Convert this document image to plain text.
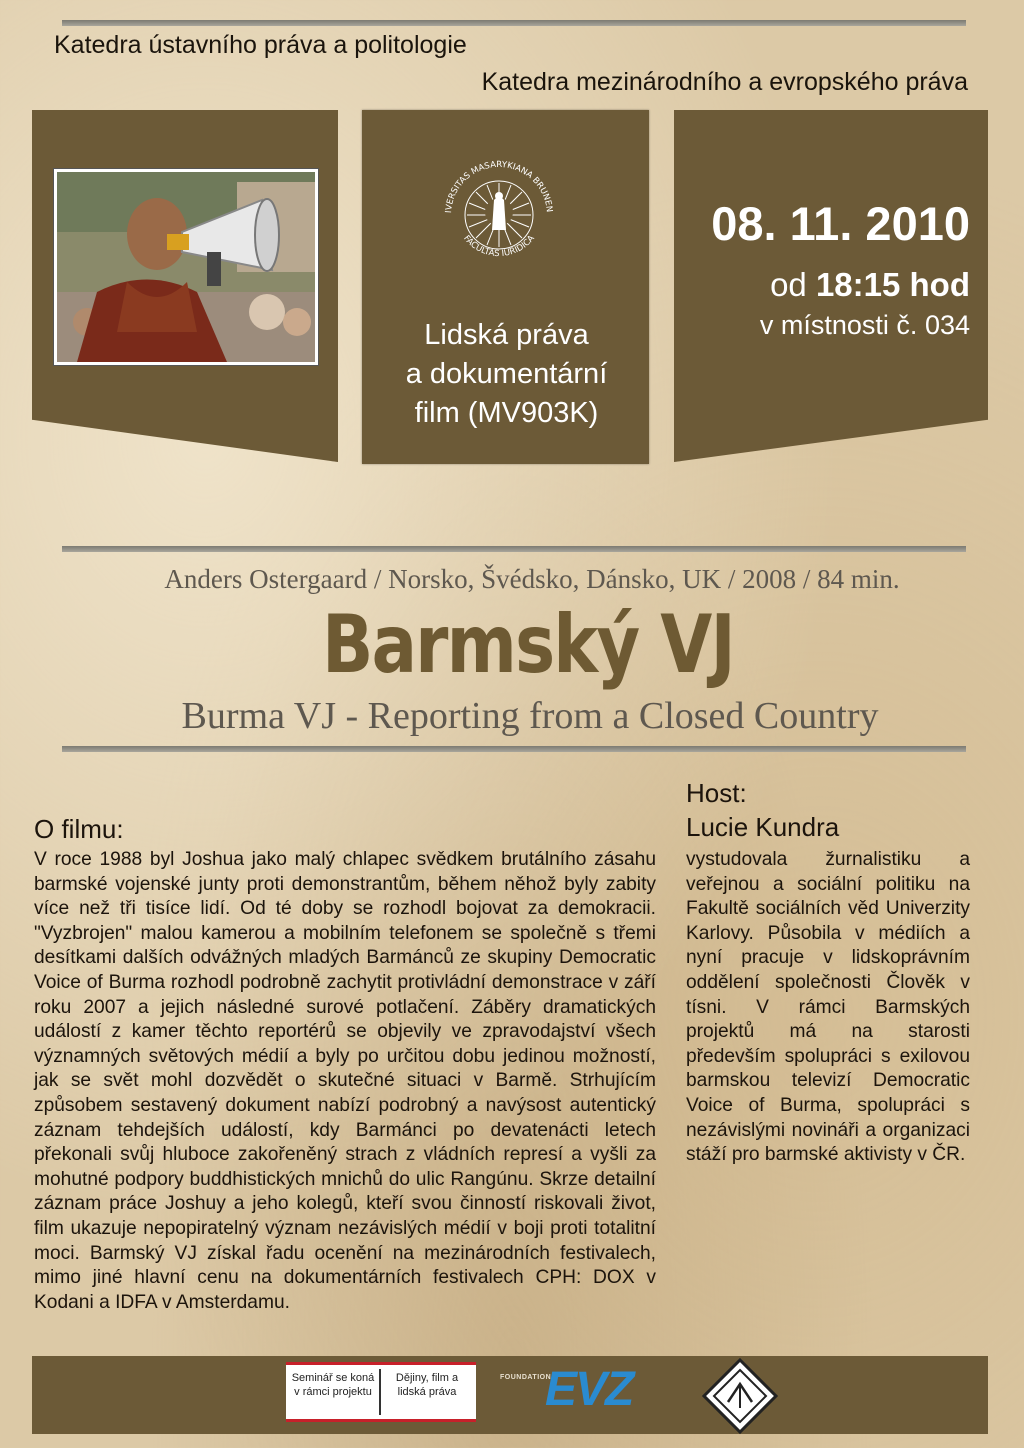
Katedra ústavního práva a politologie
Katedra mezinárodního a evropského práva
IVERSITAS MASARYKIANA BRUNEN
FACULTAS IURIDICA
Lidská práva
a dokumentární
film (MV903K)
08. 11. 2010
od 18:15 hod
v místnosti č. 034
Anders Ostergaard / Norsko, Švédsko, Dánsko, UK / 2008 / 84 min.
Barmský VJ
Burma VJ - Reporting from a Closed Country
O filmu:
V roce 1988 byl Joshua jako malý chlapec svědkem brutálního zásahu barmské vojenské junty proti demonstrantům, během něhož byly zabity více než tři tisíce lidí. Od té doby se rozhodl bojovat za demokracii. "Vyzbrojen" malou kamerou a mobilním telefonem se společně s třemi desítkami dalších odvážných mladých Barmánců ze skupiny Democratic Voice of Burma rozhodl podrobně zachytit protivládní demonstrace v září roku 2007 a jejich následné surové potlačení. Záběry dramatických událostí z kamer těchto reportérů se objevily ve zpravodajství všech významných světových médií a byly po určitou dobu jedinou možností, jak se svět mohl dozvědět o skutečné situaci v Barmě. Strhujícím způsobem sestavený dokument nabízí podrobný a navýsost autentický záznam tehdejších událostí, kdy Barmánci po devatenácti letech překonali svůj hluboce zakořeněný strach z vládních represí a vyšli za mohutné podpory buddhistických mnichů do ulic Rangúnu. Skrze detailní záznam práce Joshuy a jeho kolegů, kteří svou činností riskovali život, film ukazuje nepopiratelný význam nezávislých médií v boji proti totalitní moci. Barmský VJ získal řadu ocenění na mezinárodních festivalech, mimo jiné hlavní cenu na dokumentárních festivalech CPH: DOX v Kodani a IDFA v Amsterdamu.
Host:
Lucie Kundra
vystudovala žurnalistiku a veřejnou a sociální politiku na Fakultě sociálních věd Univerzity Karlovy. Působila v médiích a nyní pracuje v lidskoprávním oddělení společnosti Člověk v tísni. V rámci Barmských projektů má na starosti především spolupráci s exilovou barmskou televizí Democratic Voice of Burma, spolupráci s nezávislými novináři a organizaci stáží pro barmské aktivisty v ČR.
Seminář se koná v rámci projektu
Dějiny, film a lidská práva
FOUNDATION
EVZ
